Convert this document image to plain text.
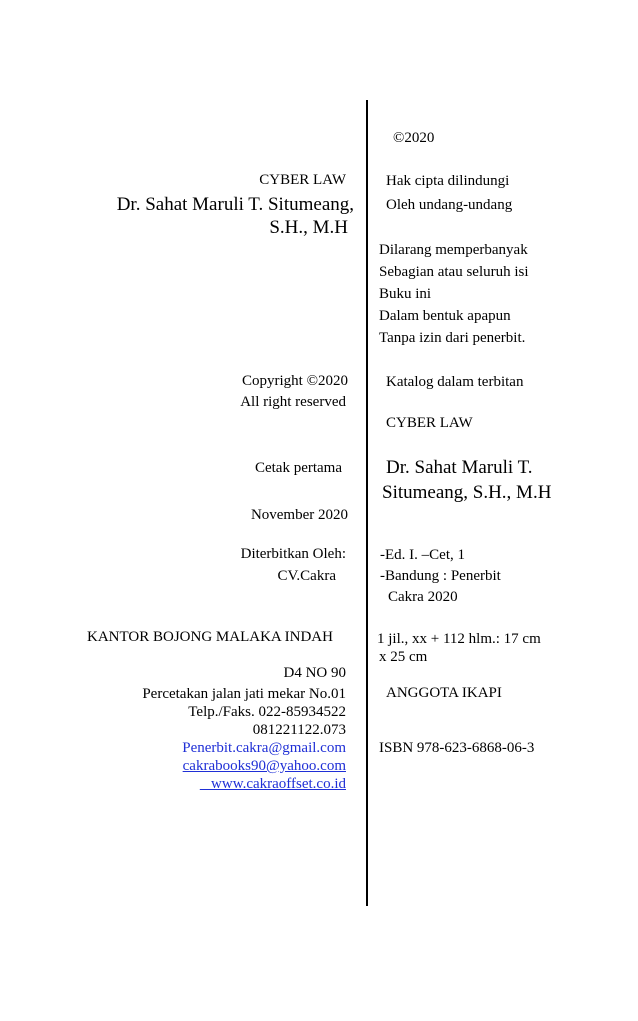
CYBER LAW
Dr. Sahat Maruli T. Situmeang,
S.H., M.H
Copyright ©2020
All right reserved
Cetak pertama
November 2020
Diterbitkan Oleh:
CV.Cakra
KANTOR BOJONG MALAKA INDAH
D4 NO 90
Percetakan jalan jati mekar No.01
Telp./Faks. 022-85934522
081221122.073
Penerbit.cakra@gmail.com
cakrabooks90@yahoo.com
www.cakraoffset.co.id
©2020
Hak cipta dilindungi
Oleh undang-undang
Dilarang memperbanyak
Sebagian atau seluruh isi
Buku ini
Dalam bentuk apapun
Tanpa izin dari penerbit.
Katalog dalam terbitan
CYBER LAW
Dr. Sahat Maruli T.
Situmeang, S.H., M.H
-Ed. I. –Cet, 1
-Bandung : Penerbit
Cakra 2020
1 jil., xx + 112 hlm.: 17 cm
x 25 cm
ANGGOTA IKAPI
ISBN 978-623-6868-06-3
